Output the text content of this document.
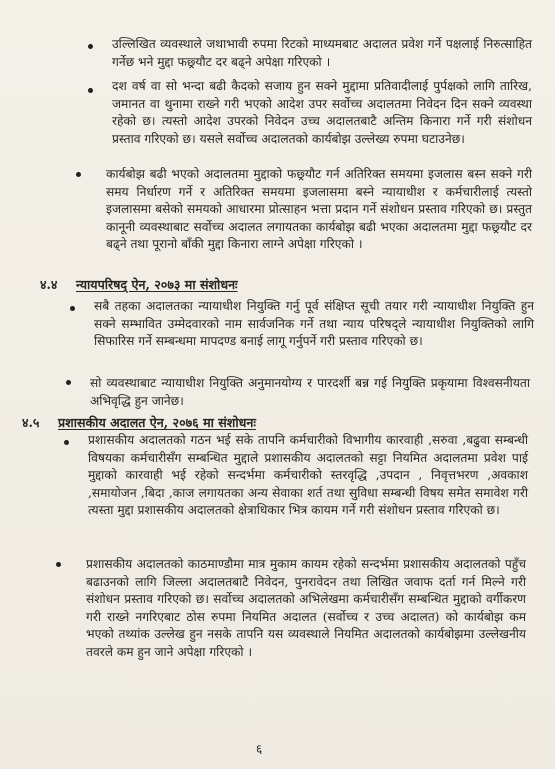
उल्लिखित व्यवस्थाले जथाभावी रुपमा रिटको माध्यमबाट अदालत प्रवेश गर्ने पक्षलाई निरुत्साहित गर्नेछ भने मुद्दा फछ्र्यौट दर बढ्ने अपेक्षा गरिएको ।
दश वर्ष वा सो भन्दा बढी कैदको सजाय हुन सक्ने मुद्दामा प्रतिवादीलाई पुर्पक्षको लागि तारिख, जमानत वा थुनामा राख्ने गरी भएको आदेश उपर सर्वोच्च अदालतमा निवेदन दिन सक्ने व्यवस्था रहेको छ। त्यस्तो आदेश उपरको निवेदन उच्च अदालतबाटै अन्तिम किनारा गर्ने गरी संशोधन प्रस्ताव गरिएको छ। यसले सर्वोच्च अदालतको कार्यबोझ उल्लेख्य रुपमा घटाउनेछ।
कार्यबोझ बढी भएको अदालतमा मुद्दाको फछ्र्यौट गर्न अतिरिक्त समयमा इजलास बस्न सक्ने गरी समय निर्धारण गर्ने र अतिरिक्त समयमा इजलासमा बस्ने न्यायाधीश र कर्मचारीलाई त्यस्तो इजलासमा बसेको समयको आधारमा प्रोत्साहन भत्ता प्रदान गर्ने संशोधन प्रस्ताव गरिएको छ। प्रस्तुत कानूनी व्यवस्थाबाट सर्वोच्च अदालत लगायतका कार्यबोझ बढी भएका अदालतमा मुद्दा फछ्र्यौट दर बढ्ने तथा पूरानो बाँकी मुद्दा किनारा लाग्ने अपेक्षा गरिएको ।
४.४ न्यायपरिषद् ऐन, २०७३ मा संशोधनः
सबै तहका अदालतका न्यायाधीश नियुक्ति गर्नु पूर्व संक्षिप्त सूची तयार गरी न्यायाधीश नियुक्ति हुन सक्ने सम्भावित उम्मेदवारको नाम सार्वजनिक गर्ने तथा न्याय परिषद्ले न्यायाधीश नियुक्तिको लागि सिफारिस गर्ने सम्बन्धमा मापदण्ड बनाई लागू गर्नुपर्ने गरी प्रस्ताव गरिएको छ।
सो व्यवस्थाबाट न्यायाधीश नियुक्ति अनुमानयोग्य र पारदर्शी बन्न गई नियुक्ति प्रकृयामा विश्वसनीयता अभिवृद्धि हुन जानेछ।
४.५ प्रशासकीय अदालत ऐन, २०७६ मा संशोधनः
प्रशासकीय अदालतको गठन भई सके तापनि कर्मचारीको विभागीय कारवाही ,सरुवा ,बढुवा सम्बन्धी विषयका कर्मचारीसँग सम्बन्धित मुद्दाले प्रशासकीय अदालतको सट्टा नियमित अदालतमा प्रवेश पाई मुद्दाको कारवाही भई रहेको सन्दर्भमा कर्मचारीको स्तरवृद्धि ,उपदान , निवृत्तभरण ,अवकाश ,समायोजन ,बिदा ,काज लगायतका अन्य सेवाका शर्त तथा सुविधा सम्बन्धी विषय समेत समावेश गरी त्यस्ता मुद्दा प्रशासकीय अदालतको क्षेत्राधिकार भित्र कायम गर्ने गरी संशोधन प्रस्ताव गरिएको छ।
प्रशासकीय अदालतको काठमाण्डौमा मात्र मुकाम कायम रहेको सन्दर्भमा प्रशासकीय अदालतको पहुँच बढाउनको लागि जिल्ला अदालतबाटै निवेदन, पुनरावेदन तथा लिखित जवाफ दर्ता गर्न मिल्ने गरी संशोधन प्रस्ताव गरिएको छ। सर्वोच्च अदालतको अभिलेखमा कर्मचारीसँग सम्बन्धित मुद्दाको वर्गीकरण गरी राख्ने नगरिएबाट ठोस रुपमा नियमित अदालत (सर्वोच्च र उच्च अदालत) को कार्यबोझ कम भएको तथ्यांक उल्लेख हुन नसके तापनि यस व्यवस्थाले नियमित अदालतको कार्यबोझमा उल्लेखनीय तवरले कम हुन जाने अपेक्षा गरिएको ।
६
